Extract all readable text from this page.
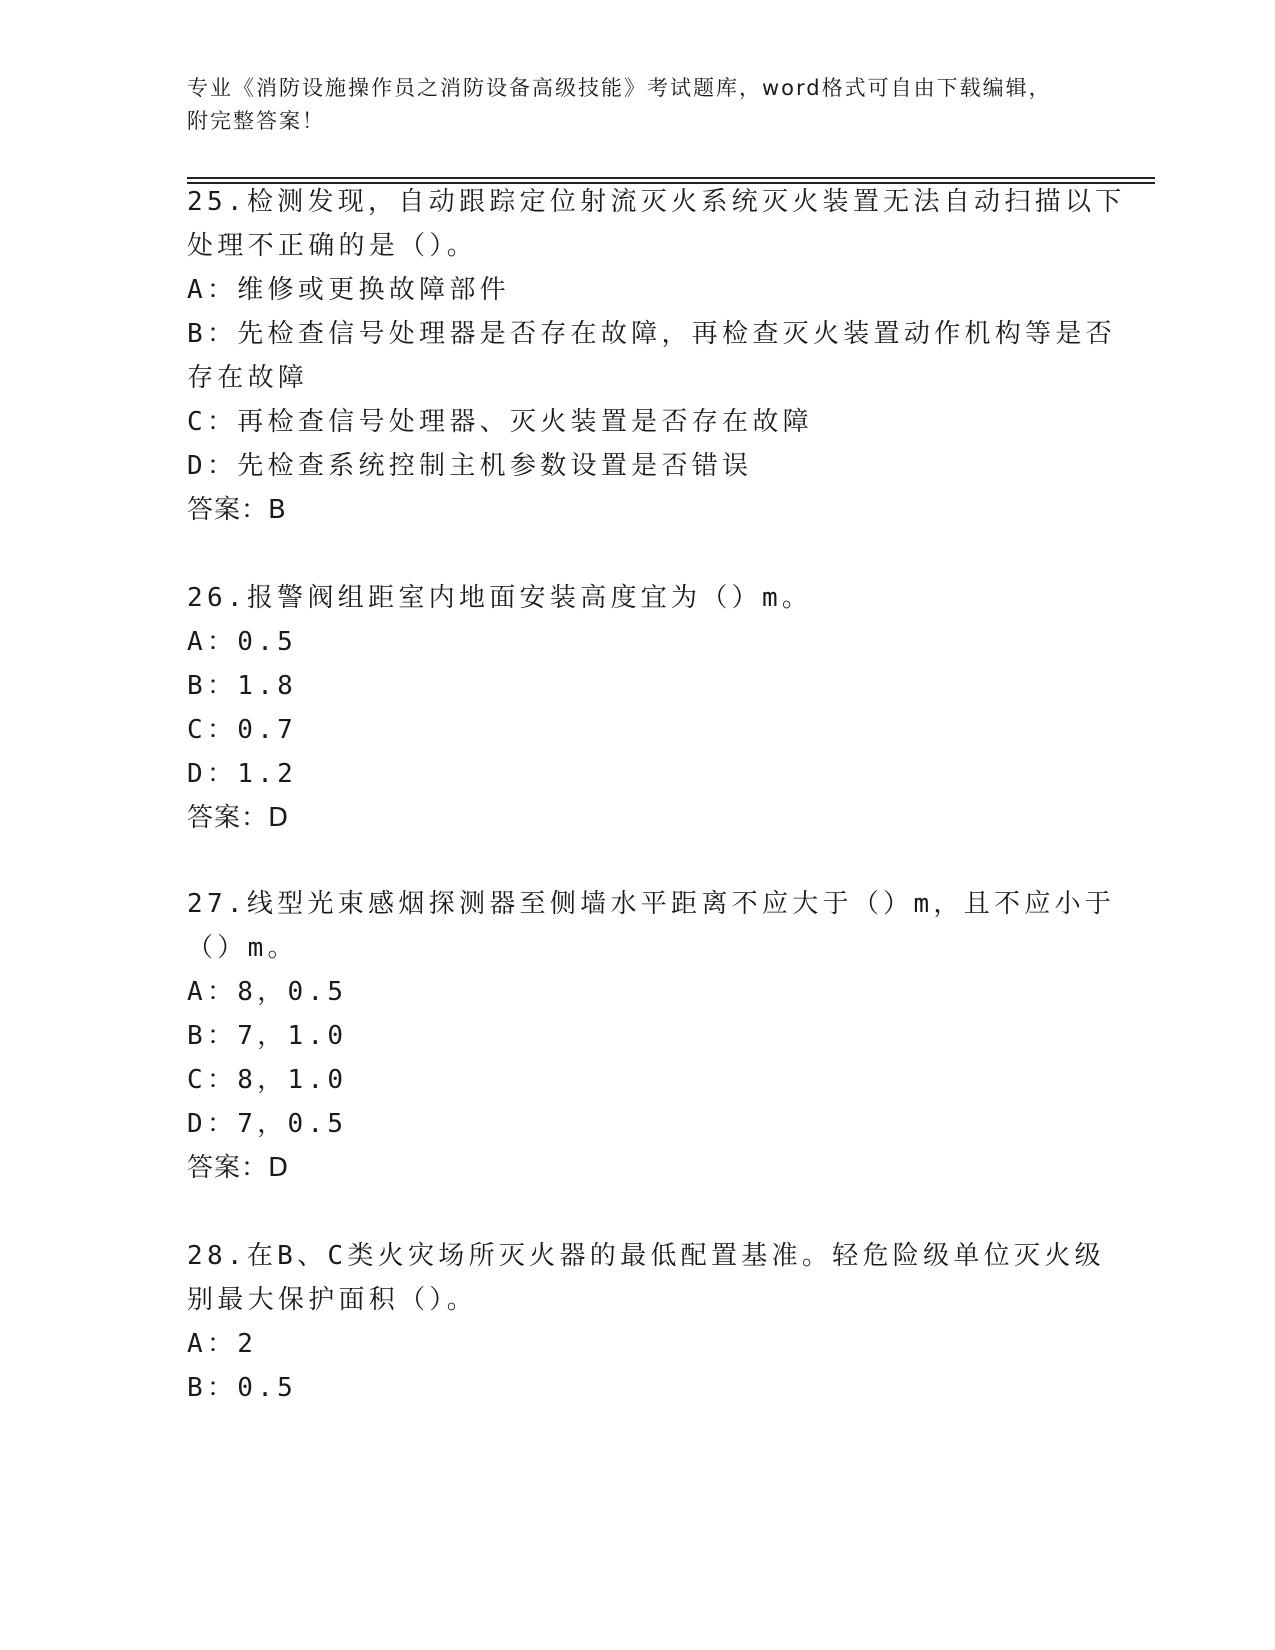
专业《消防设施操作员之消防设备高级技能》考试题库，word格式可自由下载编辑，附完整答案！
25.检测发现，自动跟踪定位射流灭火系统灭火装置无法自动扫描以下
处理不正确的是（）。
A：维修或更换故障部件
B：先检查信号处理器是否存在故障，再检查灭火装置动作机构等是否
存在故障
C：再检查信号处理器、灭火装置是否存在故障
D：先检查系统控制主机参数设置是否错误
答案：B
26.报警阀组距室内地面安装高度宜为（）m。
A：0.5
B：1.8
C：0.7
D：1.2
答案：D
27.线型光束感烟探测器至侧墙水平距离不应大于（）m，且不应小于
（）m。
A：8，0.5
B：7，1.0
C：8，1.0
D：7，0.5
答案：D
28.在B、C类火灾场所灭火器的最低配置基准。轻危险级单位灭火级
别最大保护面积（）。
A：2
B：0.5
